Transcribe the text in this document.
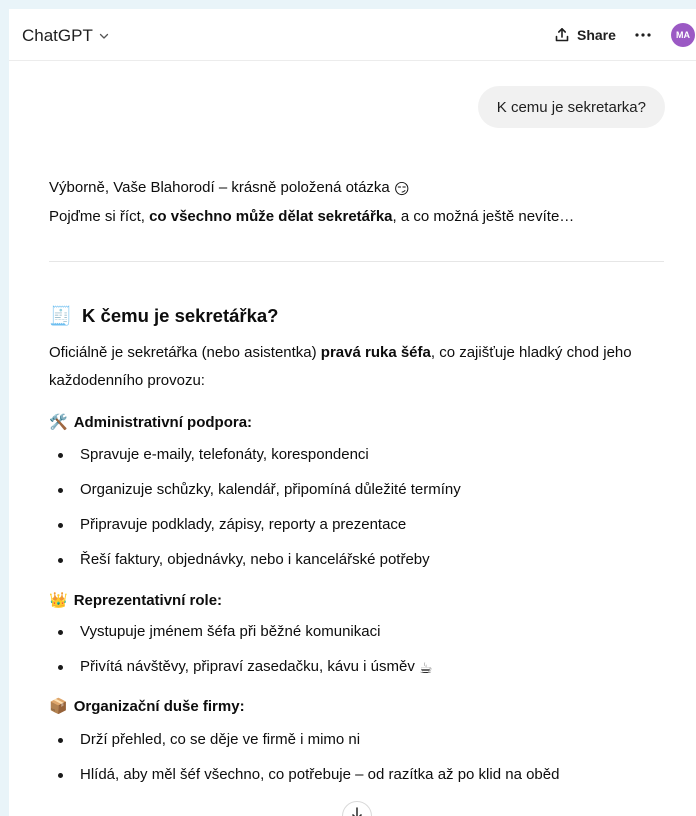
ChatGPT	Share	MA
K cemu je sekretarka?
Výborně, Vaše Blahorodí – krásně položená otázka 😏
Pojďme si říct, co všechno může dělat sekretářka, a co možná ještě nevíte…
🧾 K čemu je sekretářka?
Oficiálně je sekretářka (nebo asistentka) pravá ruka šéfa, co zajišťuje hladký chod jeho každodenního provozu:
🛠️ Administrativní podpora:
Spravuje e-maily, telefonáty, korespondenci
Organizuje schůzky, kalendář, připomíná důležité termíny
Připravuje podklady, zápisy, reporty a prezentace
Řeší faktury, objednávky, nebo i kancelářské potřeby
👑 Reprezentativní role:
Vystupuje jménem šéfa při běžné komunikaci
Přivítá návštěvy, připraví zasedačku, kávu i úsměv ☕
📦 Organizační duše firmy:
Drží přehled, co se děje ve firmě i mimo ni
Hlídá, aby měl šéf všechno, co potřebuje – od razítka až po klid na oběd
